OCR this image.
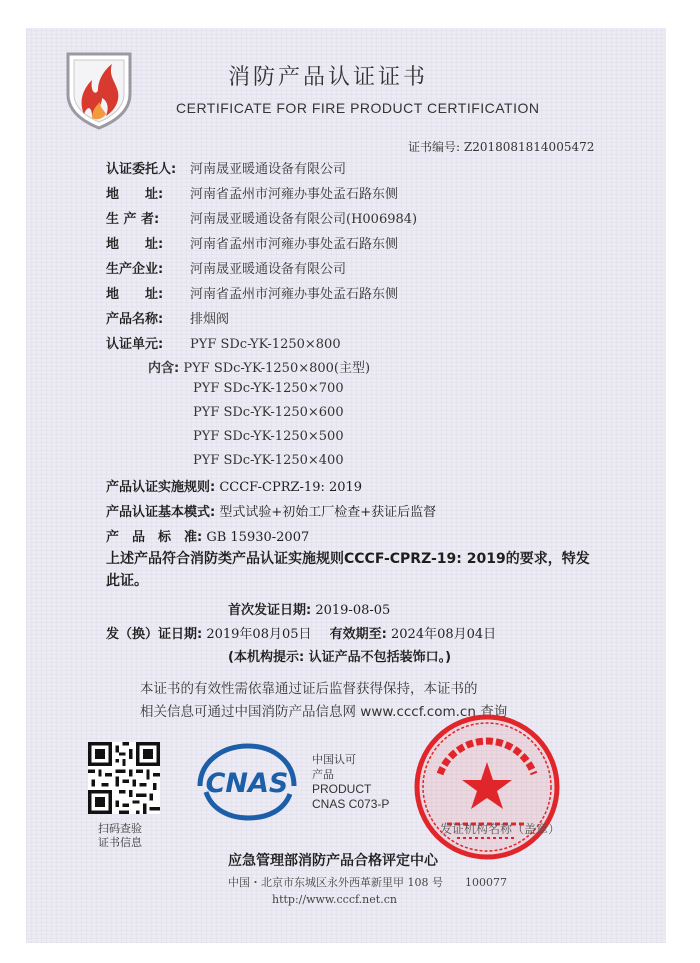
消防产品认证证书
CERTIFICATE FOR FIRE PRODUCT CERTIFICATION
证书编号: Z2018081814005472
认证委托人: 河南晟亚暖通设备有限公司
地　　址: 河南省孟州市河雍办事处孟石路东侧
生 产 者: 河南晟亚暖通设备有限公司(H006984)
地　　址: 河南省孟州市河雍办事处孟石路东侧
生产企业: 河南晟亚暖通设备有限公司
地　　址: 河南省孟州市河雍办事处孟石路东侧
产品名称: 排烟阀
认证单元: PYF SDc-YK-1250×800
内含: PYF SDc-YK-1250×800(主型)
PYF SDc-YK-1250×700
PYF SDc-YK-1250×600
PYF SDc-YK-1250×500
PYF SDc-YK-1250×400
产品认证实施规则: CCCF-CPRZ-19: 2019
产品认证基本模式: 型式试验+初始工厂检查+获证后监督
产　品　标　准: GB 15930-2007
上述产品符合消防类产品认证实施规则CCCF-CPRZ-19: 2019的要求，特发
此证。
首次发证日期: 2019-08-05
发（换）证日期: 2019年08月05日 有效期至: 2024年08月04日
(本机构提示: 认证产品不包括装饰口。)
本证书的有效性需依靠通过证后监督获得保持，本证书的
相关信息可通过中国消防产品信息网 www.cccf.com.cn 查询
扫码查验
证书信息
CNAS
中国认可
产品
PRODUCT
CNAS C073-P
发证机构名称（盖章）
应急管理部消防产品合格评定中心
中国・北京市东城区永外西革新里甲 108 号　　100077
http://www.cccf.net.cn
